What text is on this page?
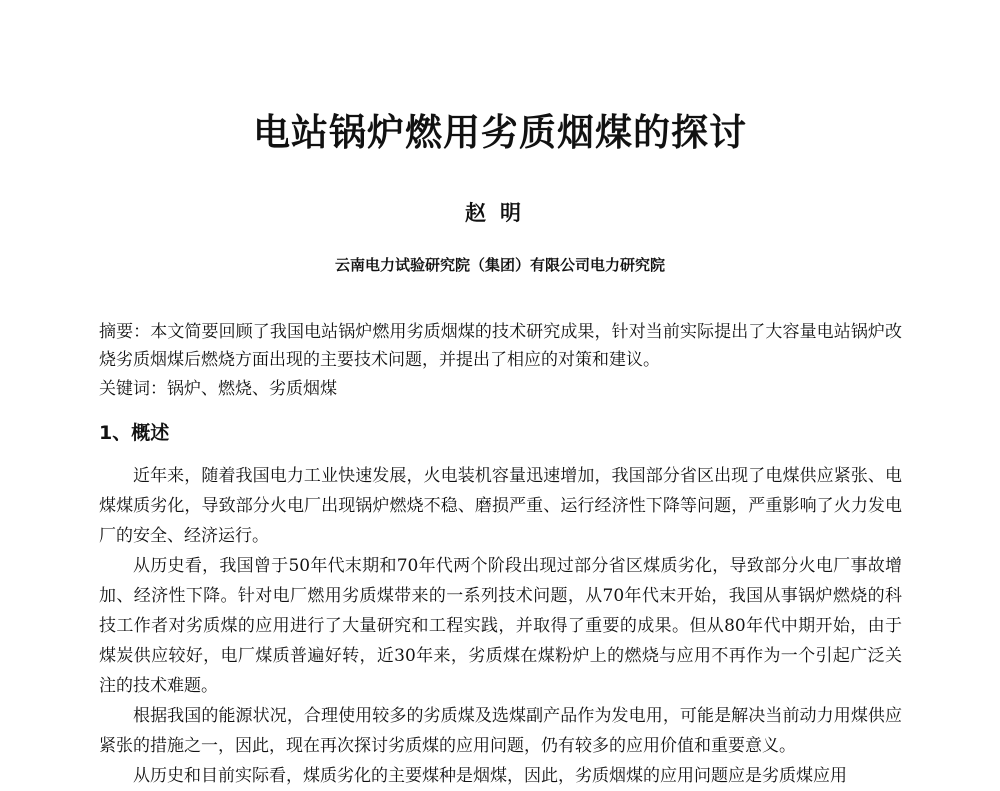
电站锅炉燃用劣质烟煤的探讨
赵明
云南电力试验研究院（集团）有限公司电力研究院
摘要：本文简要回顾了我国电站锅炉燃用劣质烟煤的技术研究成果，针对当前实际提出了大容量电站锅炉改烧劣质烟煤后燃烧方面出现的主要技术问题，并提出了相应的对策和建议。
关键词：锅炉、燃烧、劣质烟煤
1、概述

近年来，随着我国电力工业快速发展，火电装机容量迅速增加，我国部分省区出现了电煤供应紧张、电煤煤质劣化，导致部分火电厂出现锅炉燃烧不稳、磨损严重、运行经济性下降等问题，严重影响了火力发电厂的安全、经济运行。

从历史看，我国曾于50年代末期和70年代两个阶段出现过部分省区煤质劣化，导致部分火电厂事故增加、经济性下降。针对电厂燃用劣质煤带来的一系列技术问题，从70年代末开始，我国从事锅炉燃烧的科技工作者对劣质煤的应用进行了大量研究和工程实践，并取得了重要的成果。但从80年代中期开始，由于煤炭供应较好，电厂煤质普遍好转，近30年来，劣质煤在煤粉炉上的燃烧与应用不再作为一个引起广泛关注的技术难题。

根据我国的能源状况，合理使用较多的劣质煤及选煤副产品作为发电用，可能是解决当前动力用煤供应紧张的措施之一，因此，现在再次探讨劣质煤的应用问题，仍有较多的应用价值和重要意义。

从历史和目前实际看，煤质劣化的主要煤种是烟煤，因此，劣质烟煤的应用问题应是劣质煤应用
